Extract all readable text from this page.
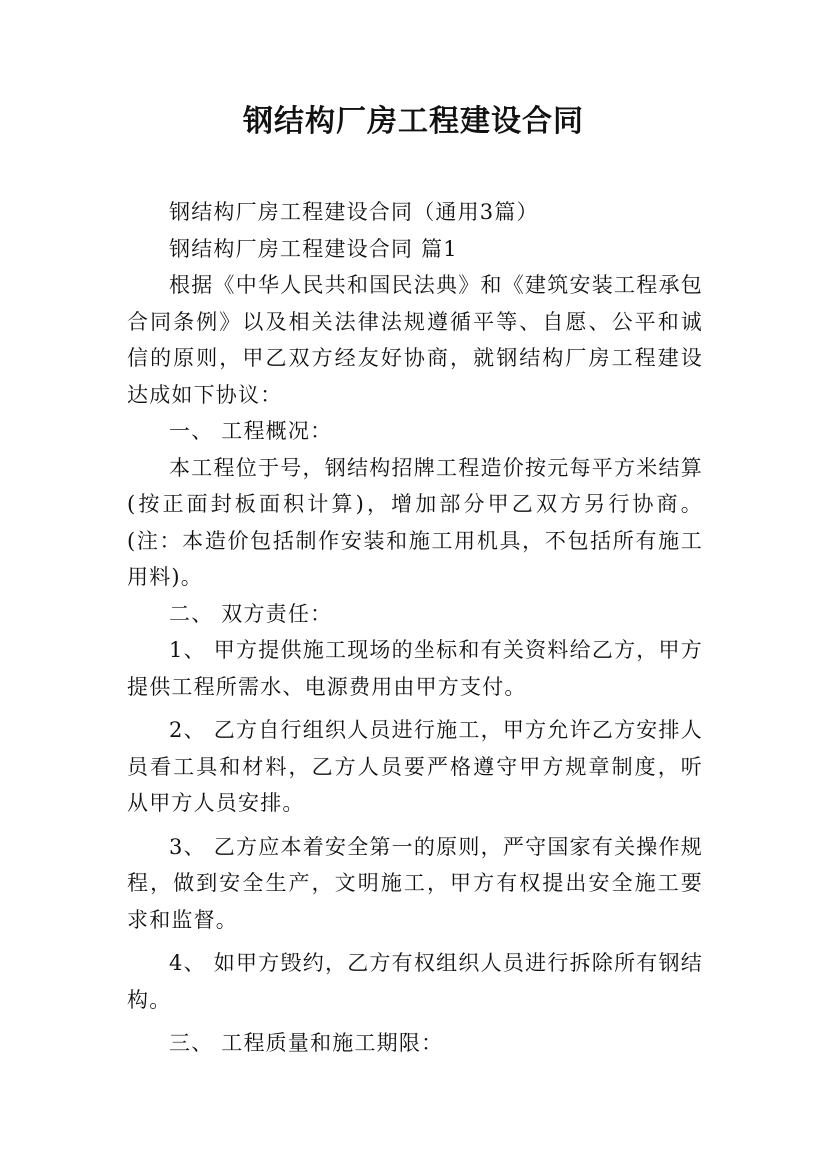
钢结构厂房工程建设合同

钢结构厂房工程建设合同（通用3篇）

钢结构厂房工程建设合同 篇1

根据《中华人民共和国民法典》和《建筑安装工程承包合同条例》以及相关法律法规遵循平等、自愿、公平和诚信的原则，甲乙双方经友好协商，就钢结构厂房工程建设达成如下协议：

一、 工程概况：

本工程位于号，钢结构招牌工程造价按元每平方米结算(按正面封板面积计算)，增加部分甲乙双方另行协商。(注：本造价包括制作安装和施工用机具，不包括所有施工用料)。

二、 双方责任：

1、 甲方提供施工现场的坐标和有关资料给乙方，甲方提供工程所需水、电源费用由甲方支付。

2、 乙方自行组织人员进行施工，甲方允许乙方安排人员看工具和材料，乙方人员要严格遵守甲方规章制度，听从甲方人员安排。

3、 乙方应本着安全第一的原则，严守国家有关操作规程，做到安全生产，文明施工，甲方有权提出安全施工要求和监督。

4、 如甲方毁约，乙方有权组织人员进行拆除所有钢结构。

三、 工程质量和施工期限：
